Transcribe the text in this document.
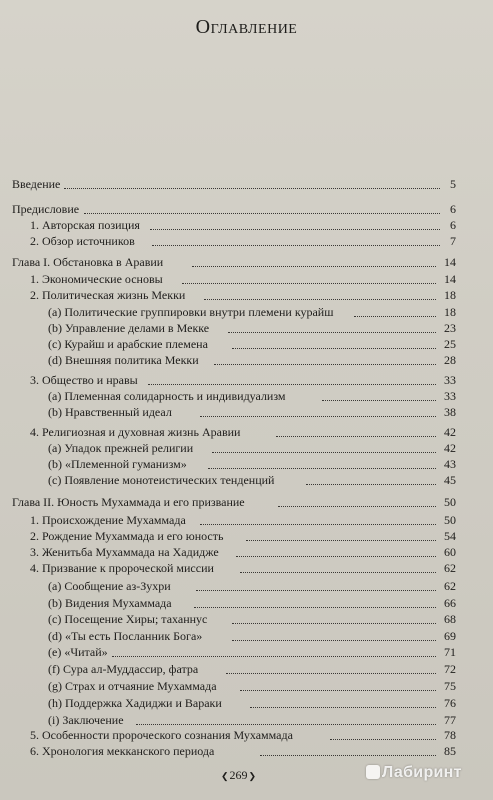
Оглавление
Введение	5
Предисловие	6
1. Авторская позиция	6
2. Обзор источников	7
Глава I. Обстановка в Аравии	14
1. Экономические основы	14
2. Политическая жизнь Мекки	18
(a) Политические группировки внутри племени курайш	18
(b) Управление делами в Мекке	23
(c) Курайш и арабские племена	25
(d) Внешняя политика Мекки	28
3. Общество и нравы	33
(a) Племенная солидарность и индивидуализм	33
(b) Нравственный идеал	38
4. Религиозная и духовная жизнь Аравии	42
(a) Упадок прежней религии	42
(b) «Племенной гуманизм»	43
(c) Появление монотеистических тенденций	45
Глава II. Юность Мухаммада и его призвание	50
1. Происхождение Мухаммада	50
2. Рождение Мухаммада и его юность	54
3. Женитьба Мухаммада на Хадидже	60
4. Призвание к пророческой миссии	62
(a) Сообщение аз-Зухри	62
(b) Видения Мухаммада	66
(c) Посещение Хиры; таханнус	68
(d) «Ты есть Посланник Бога»	69
(e) «Читай»	71
(f) Сура ал-Муддассир, фатра	72
(g) Страх и отчаяние Мухаммада	75
(h) Поддержка Хадиджи и Вараки	76
(i) Заключение	77
5. Особенности пророческого сознания Мухаммада	78
6. Хронология мекканского периода	85
❮ 269 ❯	Лабиринт
